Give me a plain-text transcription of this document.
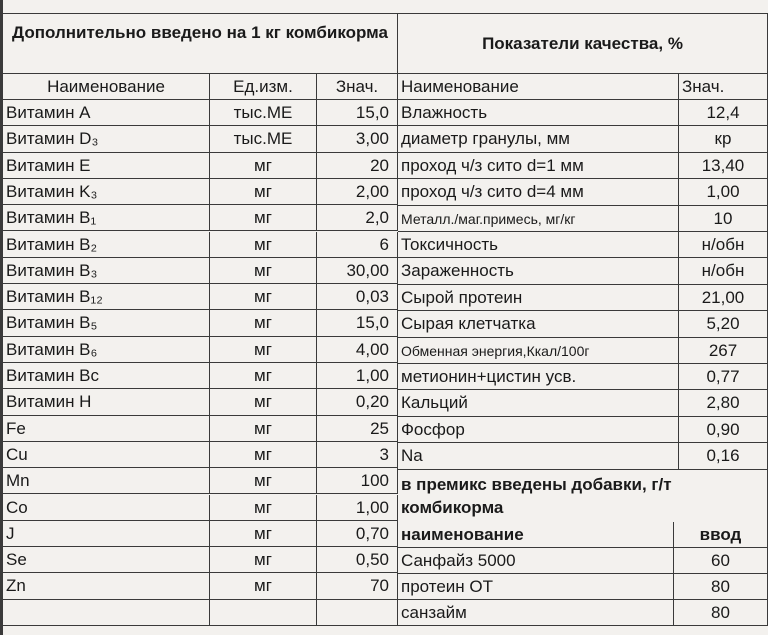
Дополнительно введено на 1 кг комбикорма
Показатели качества, %
Наименование	Ед.изм.	Знач.	Наименование	Знач.
Витамин A	тыс.ME	15,0
Витамин D₃	тыс.ME	3,00
Витамин E	мг	20
Витамин K₃	мг	2,00
Витамин B₁	мг	2,0
Витамин B₂	мг	6
Витамин B₃	мг	30,00
Витамин B₁₂	мг	0,03
Витамин B₅	мг	15,0
Витамин B₆	мг	4,00
Витамин Bc	мг	1,00
Витамин H	мг	0,20
Fe	мг	25
Cu	мг	3
Mn	мг	100
Co	мг	1,00
J	мг	0,70
Se	мг	0,50
Zn	мг	70
Влажность	12,4
диаметр гранулы, мм	кр
проход ч/з сито d=1 мм	13,40
проход ч/з сито d=4 мм	1,00
Металл./маг.примесь, мг/кг	10
Токсичность	н/обн
Зараженность	н/обн
Сырой протеин	21,00
Сырая клетчатка	5,20
Обменная энергия,Ккал/100г	267
метионин+цистин усв.	0,77
Кальций	2,80
Фосфор	0,90
Na	0,16
в премикс введены добавки, г/т комбикорма
наименование	ввод
Санфайз 5000	60
протеин ОТ	80
санзайм	80
